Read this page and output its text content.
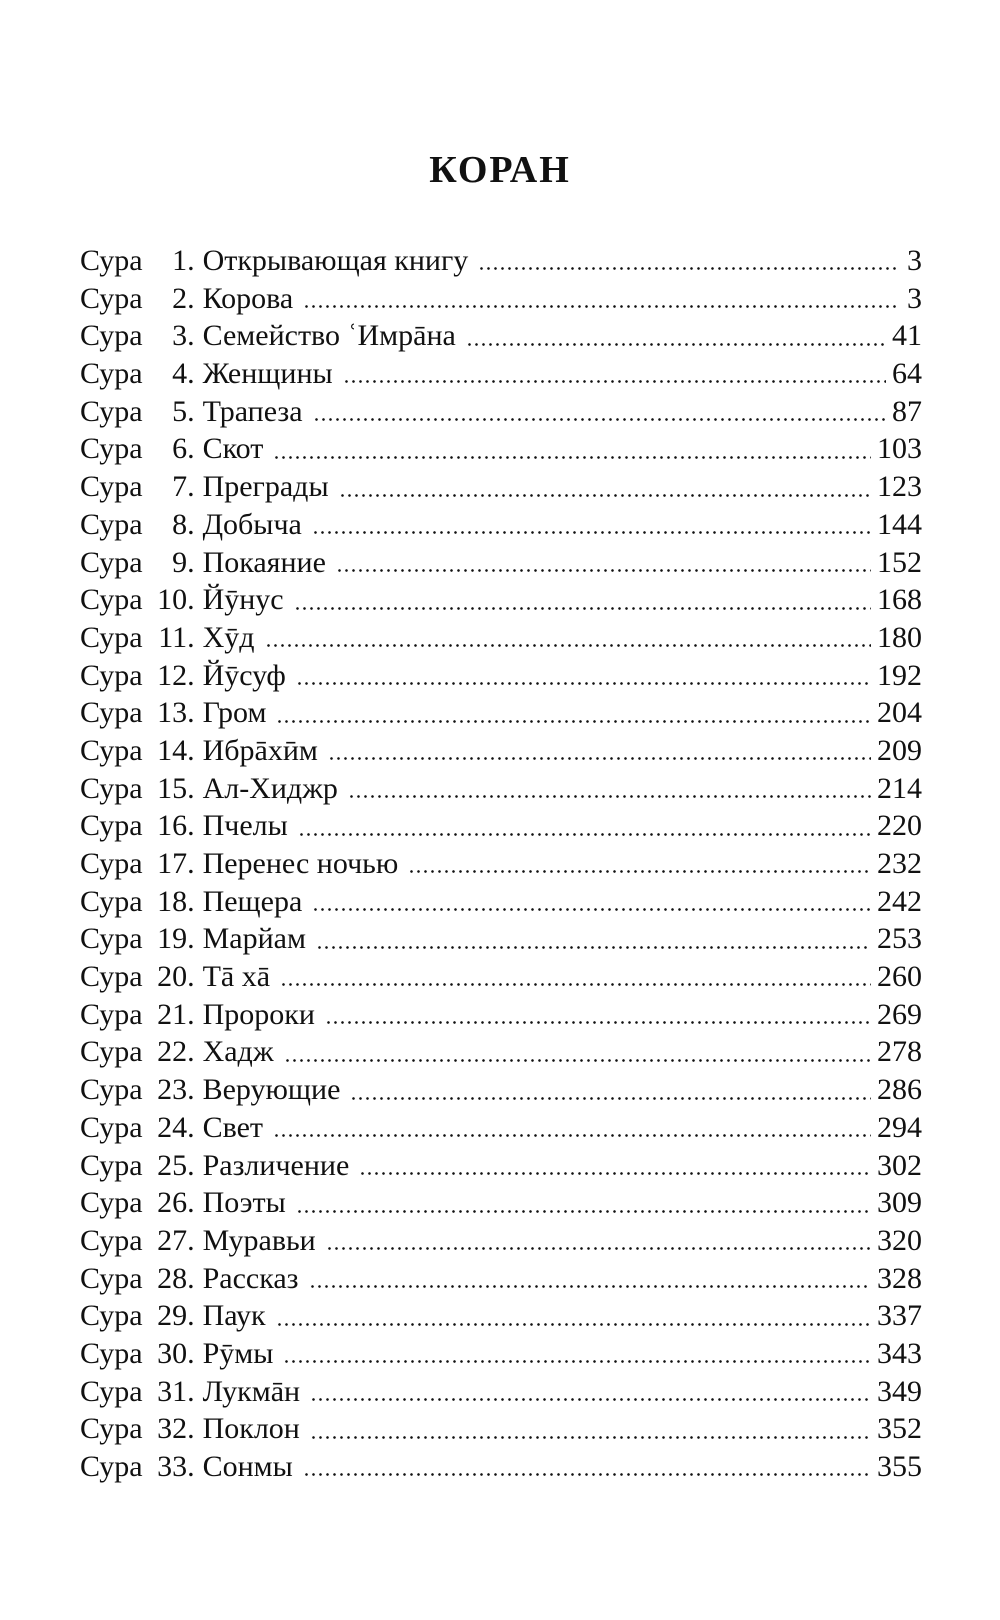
КОРАН
Сура 1 . Открывающая книгу	3
Сура 2 . Корова	3
Сура 3 . Семейство ʿИмрāна	41
Сура 4 . Женщины	64
Сура 5 . Трапеза	87
Сура 6 . Скот	103
Сура 7 . Преграды	123
Сура 8 . Добыча	144
Сура 9 . Покаяние	152
Сура 10 . Йӯнус	168
Сура 11 . Хӯд	180
Сура 12 . Йӯсуф	192
Сура 13 . Гром	204
Сура 14 . Ибрāхӣм	209
Сура 15 . Ал-Хиджр	214
Сура 16 . Пчелы	220
Сура 17 . Перенес ночью	232
Сура 18 . Пещера	242
Сура 19 . Марйам	253
Сура 20 . Тā хā	260
Сура 21 . Пророки	269
Сура 22 . Хадж	278
Сура 23 . Верующие	286
Сура 24 . Свет	294
Сура 25 . Различение	302
Сура 26 . Поэты	309
Сура 27 . Муравьи	320
Сура 28 . Рассказ	328
Сура 29 . Паук	337
Сура 30 . Рӯмы	343
Сура 31 . Лукмāн	349
Сура 32 . Поклон	352
Сура 33 . Сонмы	355
